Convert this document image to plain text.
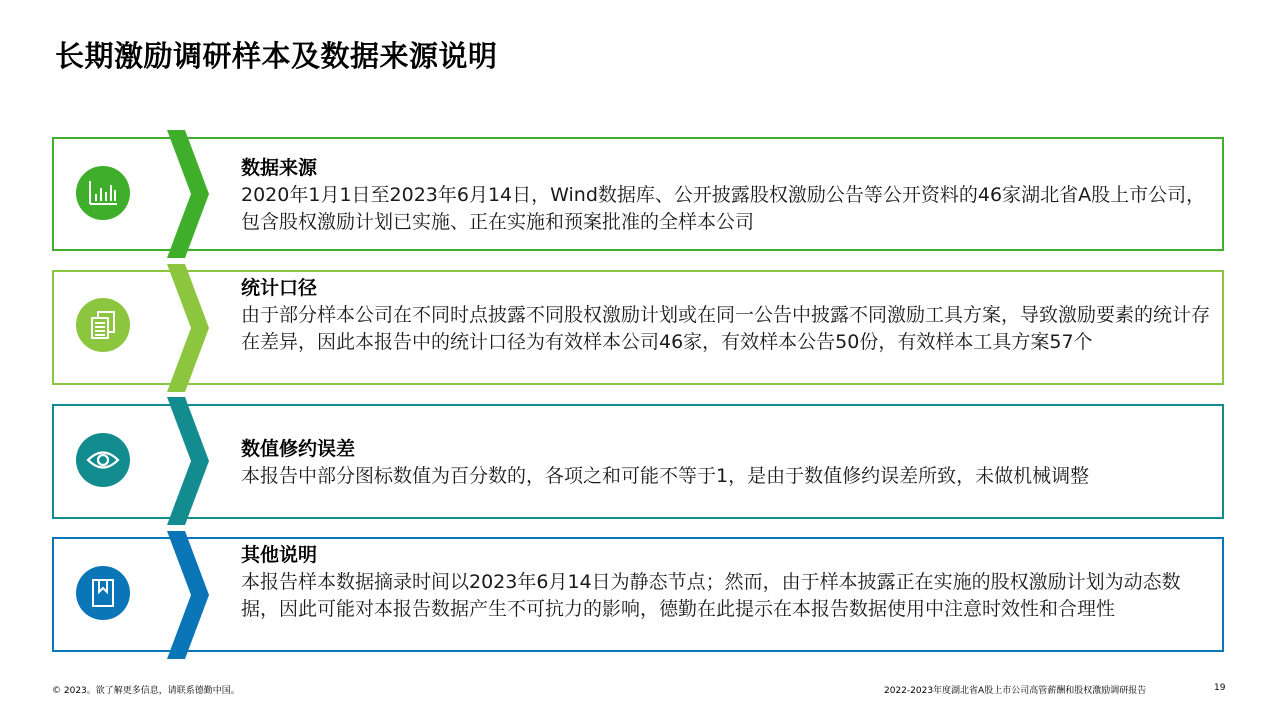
长期激励调研样本及数据来源说明
数据来源
2020年1月1日至2023年6月14日，Wind数据库、公开披露股权激励公告等公开资料的46家湖北省A股上市公司，包含股权激励计划已实施、正在实施和预案批准的全样本公司
统计口径
由于部分样本公司在不同时点披露不同股权激励计划或在同一公告中披露不同激励工具方案，导致激励要素的统计存在差异，因此本报告中的统计口径为有效样本公司46家，有效样本公告50份，有效样本工具方案57个
数值修约误差
本报告中部分图标数值为百分数的，各项之和可能不等于1，是由于数值修约误差所致，未做机械调整
其他说明
本报告样本数据摘录时间以2023年6月14日为静态节点；然而，由于样本披露正在实施的股权激励计划为动态数据，因此可能对本报告数据产生不可抗力的影响，德勤在此提示在本报告数据使用中注意时效性和合理性
© 2023。欲了解更多信息，请联系德勤中国。	2022-2023年度湖北省A股上市公司高管薪酬和股权激励调研报告	19
